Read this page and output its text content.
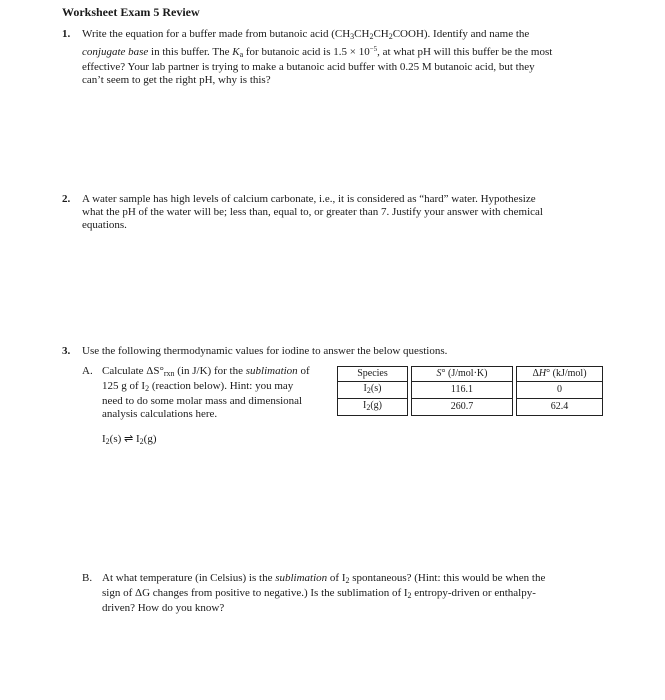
Worksheet Exam 5 Review
1. Write the equation for a buffer made from butanoic acid $(CH_3CH_2CH_2COOH)$. Identify and name the
conjugate base in this buffer. The $K_a$ for butanoic acid is $1.5 \times 10^{-5}$, at what pH will this buffer be the most
effective? Your lab partner is trying to make a butanoic acid buffer with 0.25 M butanoic acid, but they
can’t seem to get the right pH, why is this?
2. A water sample has high levels of calcium carbonate, i.e., it is considered as “hard” water. Hypothesize
what the pH of the water will be; less than, equal to, or greater than 7. Justify your answer with chemical
equations.
3. Use the following thermodynamic values for iodine to answer the below questions.
A. Calculate $\Delta S^\circ_{rxn}$ (in J/K) for the sublimation of
125 g of $I_2$ (reaction below). Hint: you may
need to do some molar mass and dimensional
analysis calculations here.
$I_2(s)$ ⇌ $I_2(g)$
Species		S° (J/mol·K)		ΔH° (kJ/mol)
$I_2(s)$		116.1		0
$I_2(g)$		260.7		62.4
B. At what temperature (in Celsius) is the sublimation of $I_2$ spontaneous? (Hint: this would be when the
sign of ΔG changes from positive to negative.) Is the sublimation of $I_2$ entropy-driven or enthalpy-
driven? How do you know?
